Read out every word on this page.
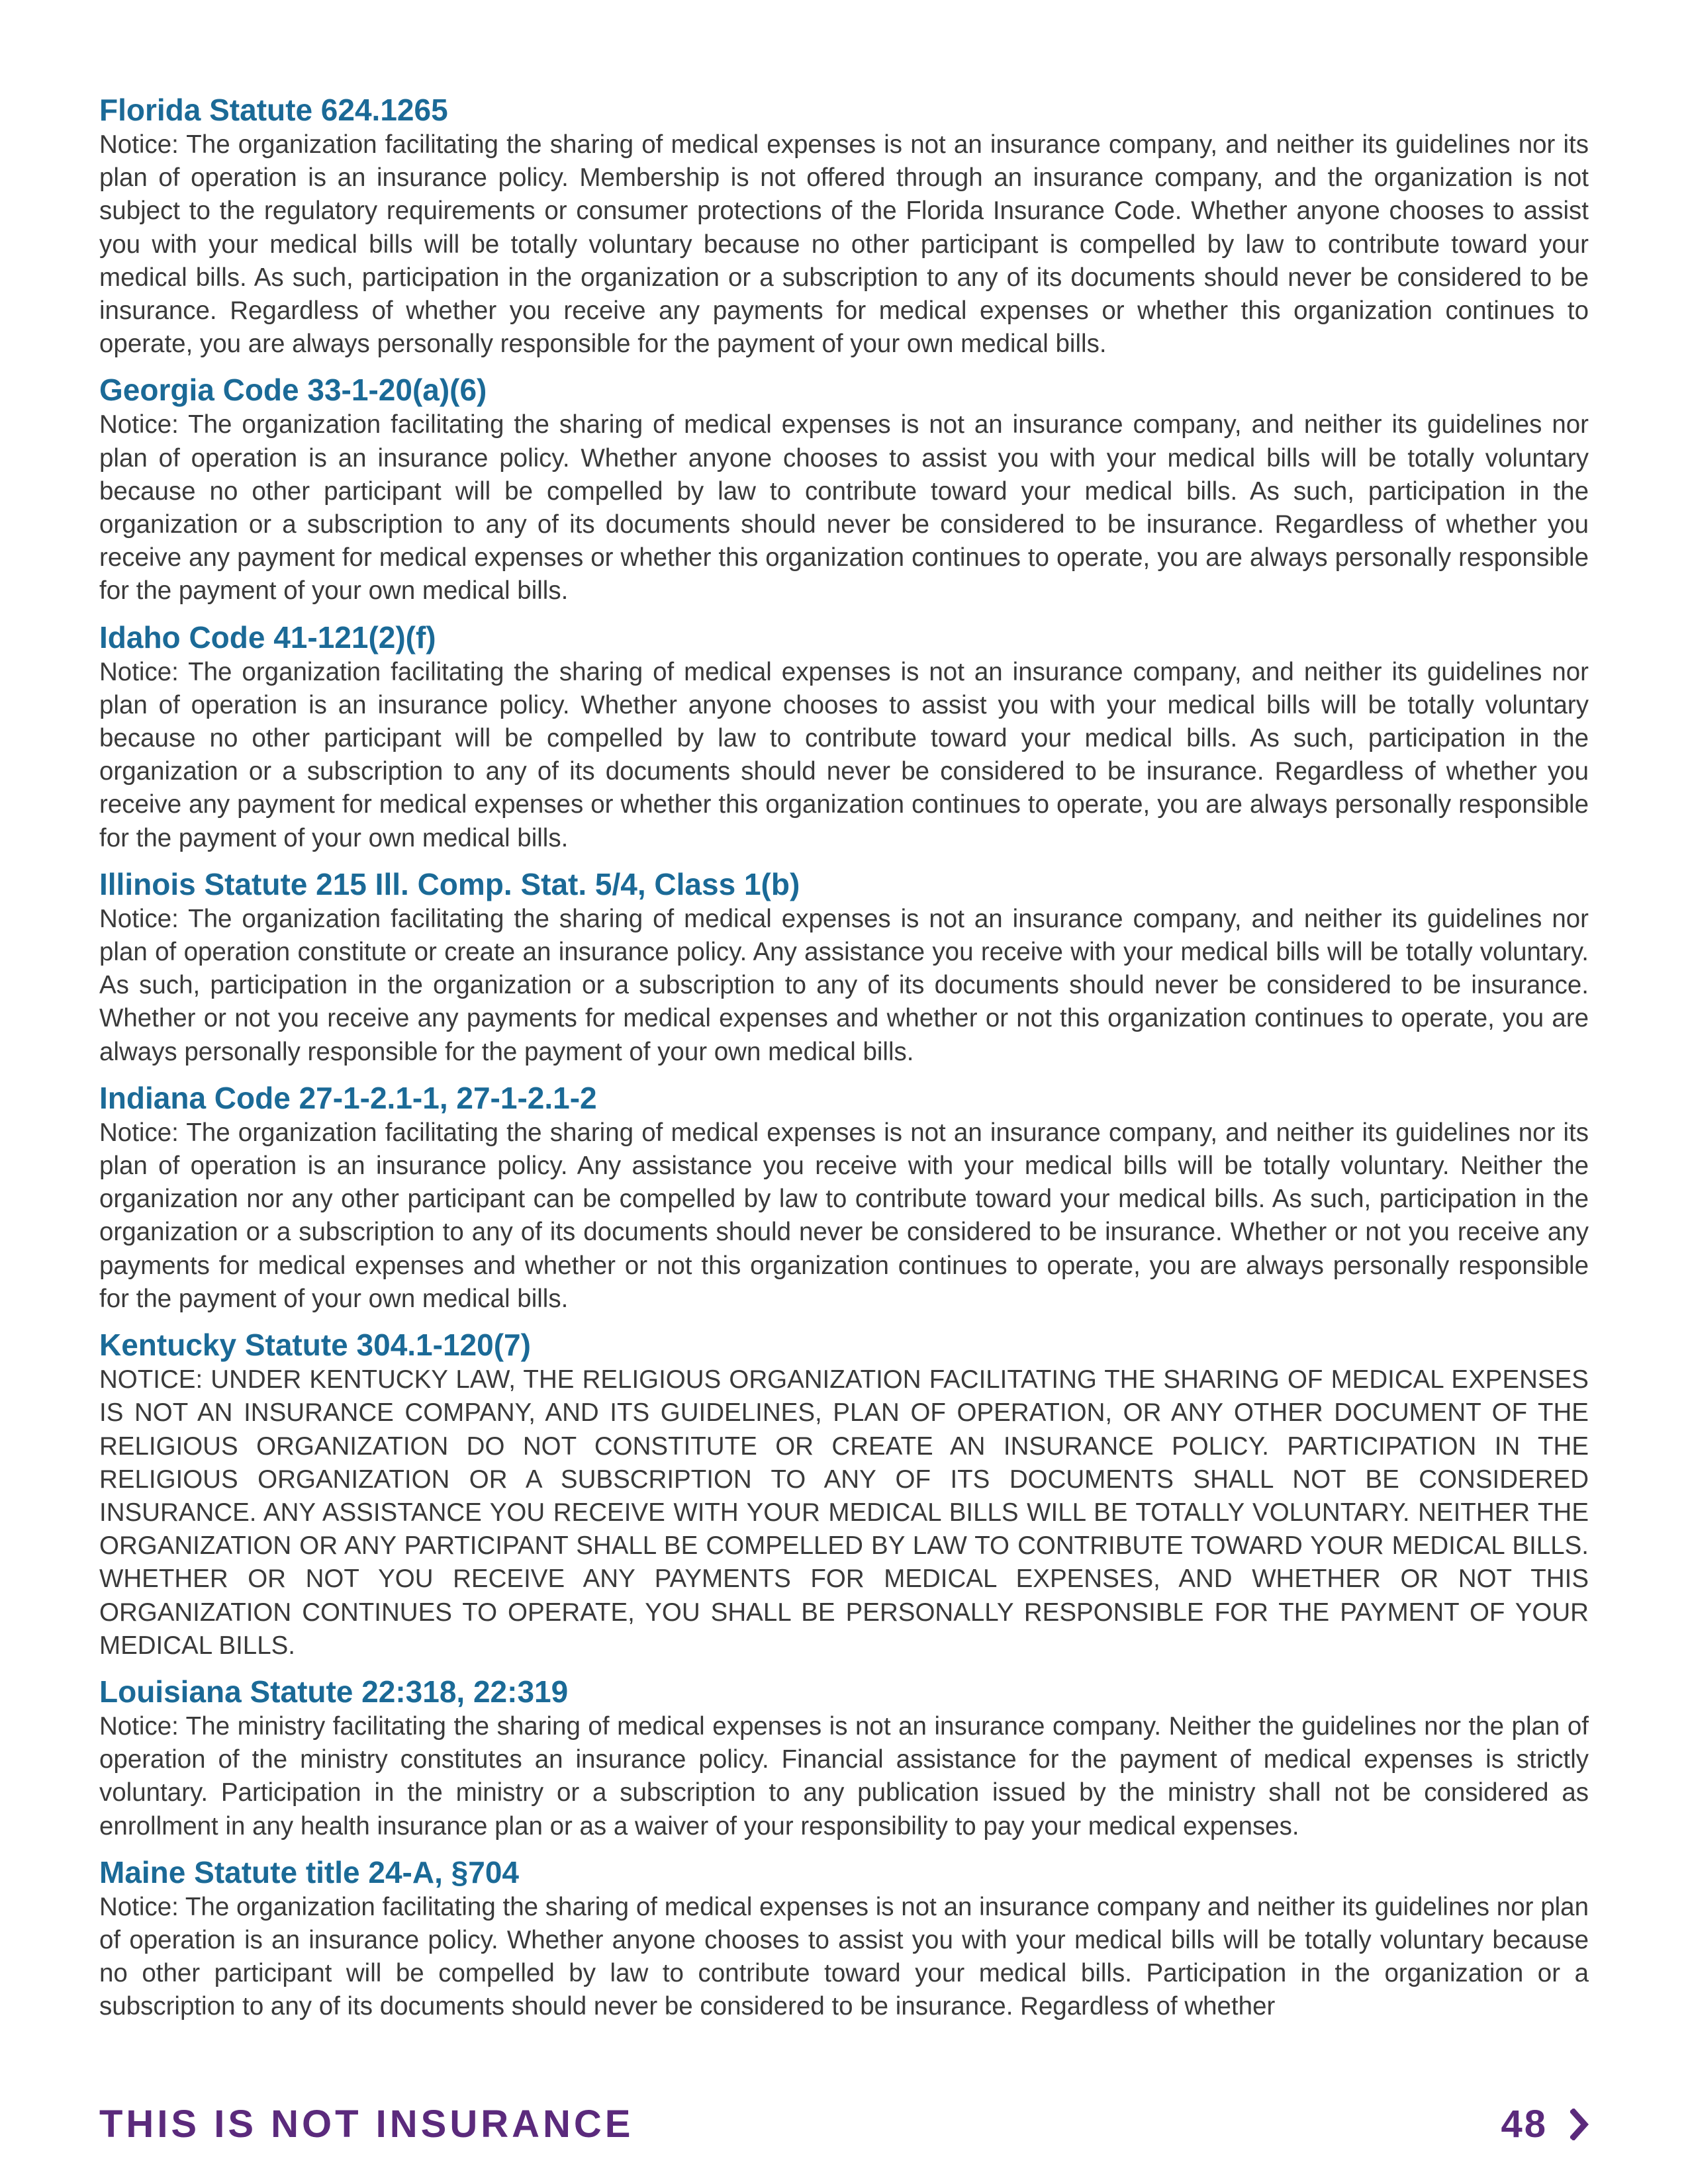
Florida Statute 624.1265

Notice: The organization facilitating the sharing of medical expenses is not an insurance company, and neither its guidelines nor its plan of operation is an insurance policy. Membership is not offered through an insurance company, and the organization is not subject to the regulatory requirements or consumer protections of the Florida Insurance Code. Whether anyone chooses to assist you with your medical bills will be totally voluntary because no other participant is compelled by law to contribute toward your medical bills. As such, participation in the organization or a subscription to any of its documents should never be considered to be insurance. Regardless of whether you receive any payments for medical expenses or whether this organization continues to operate, you are always personally responsible for the payment of your own medical bills.

Georgia Code 33-1-20(a)(6)

Notice: The organization facilitating the sharing of medical expenses is not an insurance company, and neither its guidelines nor plan of operation is an insurance policy. Whether anyone chooses to assist you with your medical bills will be totally voluntary because no other participant will be compelled by law to contribute toward your medical bills. As such, participation in the organization or a subscription to any of its documents should never be considered to be insurance. Regardless of whether you receive any payment for medical expenses or whether this organization continues to operate, you are always personally responsible for the payment of your own medical bills.

Idaho Code 41-121(2)(f)

Notice: The organization facilitating the sharing of medical expenses is not an insurance company, and neither its guidelines nor plan of operation is an insurance policy. Whether anyone chooses to assist you with your medical bills will be totally voluntary because no other participant will be compelled by law to contribute toward your medical bills. As such, participation in the organization or a subscription to any of its documents should never be considered to be insurance. Regardless of whether you receive any payment for medical expenses or whether this organization continues to operate, you are always personally responsible for the payment of your own medical bills.

Illinois Statute 215 Ill. Comp. Stat. 5/4, Class 1(b)

Notice: The organization facilitating the sharing of medical expenses is not an insurance company, and neither its guidelines nor plan of operation constitute or create an insurance policy. Any assistance you receive with your medical bills will be totally voluntary. As such, participation in the organization or a subscription to any of its documents should never be considered to be insurance. Whether or not you receive any payments for medical expenses and whether or not this organization continues to operate, you are always personally responsible for the payment of your own medical bills.

Indiana Code 27-1-2.1-1, 27-1-2.1-2

Notice: The organization facilitating the sharing of medical expenses is not an insurance company, and neither its guidelines nor its plan of operation is an insurance policy. Any assistance you receive with your medical bills will be totally voluntary. Neither the organization nor any other participant can be compelled by law to contribute toward your medical bills. As such, participation in the organization or a subscription to any of its documents should never be considered to be insurance. Whether or not you receive any payments for medical expenses and whether or not this organization continues to operate, you are always personally responsible for the payment of your own medical bills.

Kentucky Statute 304.1-120(7)

NOTICE: UNDER KENTUCKY LAW, THE RELIGIOUS ORGANIZATION FACILITATING THE SHARING OF MEDICAL EXPENSES IS NOT AN INSURANCE COMPANY, AND ITS GUIDELINES, PLAN OF OPERATION, OR ANY OTHER DOCUMENT OF THE RELIGIOUS ORGANIZATION DO NOT CONSTITUTE OR CREATE AN INSURANCE POLICY. PARTICIPATION IN THE RELIGIOUS ORGANIZATION OR A SUBSCRIPTION TO ANY OF ITS DOCUMENTS SHALL NOT BE CONSIDERED INSURANCE. ANY ASSISTANCE YOU RECEIVE WITH YOUR MEDICAL BILLS WILL BE TOTALLY VOLUNTARY. NEITHER THE ORGANIZATION OR ANY PARTICIPANT SHALL BE COMPELLED BY LAW TO CONTRIBUTE TOWARD YOUR MEDICAL BILLS. WHETHER OR NOT YOU RECEIVE ANY PAYMENTS FOR MEDICAL EXPENSES, AND WHETHER OR NOT THIS ORGANIZATION CONTINUES TO OPERATE, YOU SHALL BE PERSONALLY RESPONSIBLE FOR THE PAYMENT OF YOUR MEDICAL BILLS.

Louisiana Statute 22:318, 22:319

Notice: The ministry facilitating the sharing of medical expenses is not an insurance company. Neither the guidelines nor the plan of operation of the ministry constitutes an insurance policy. Financial assistance for the payment of medical expenses is strictly voluntary. Participation in the ministry or a subscription to any publication issued by the ministry shall not be considered as enrollment in any health insurance plan or as a waiver of your responsibility to pay your medical expenses.

Maine Statute title 24-A, §704

Notice: The organization facilitating the sharing of medical expenses is not an insurance company and neither its guidelines nor plan of operation is an insurance policy. Whether anyone chooses to assist you with your medical bills will be totally voluntary because no other participant will be compelled by law to contribute toward your medical bills. Participation in the organization or a subscription to any of its documents should never be considered to be insurance. Regardless of whether

THIS IS NOT INSURANCE	48
